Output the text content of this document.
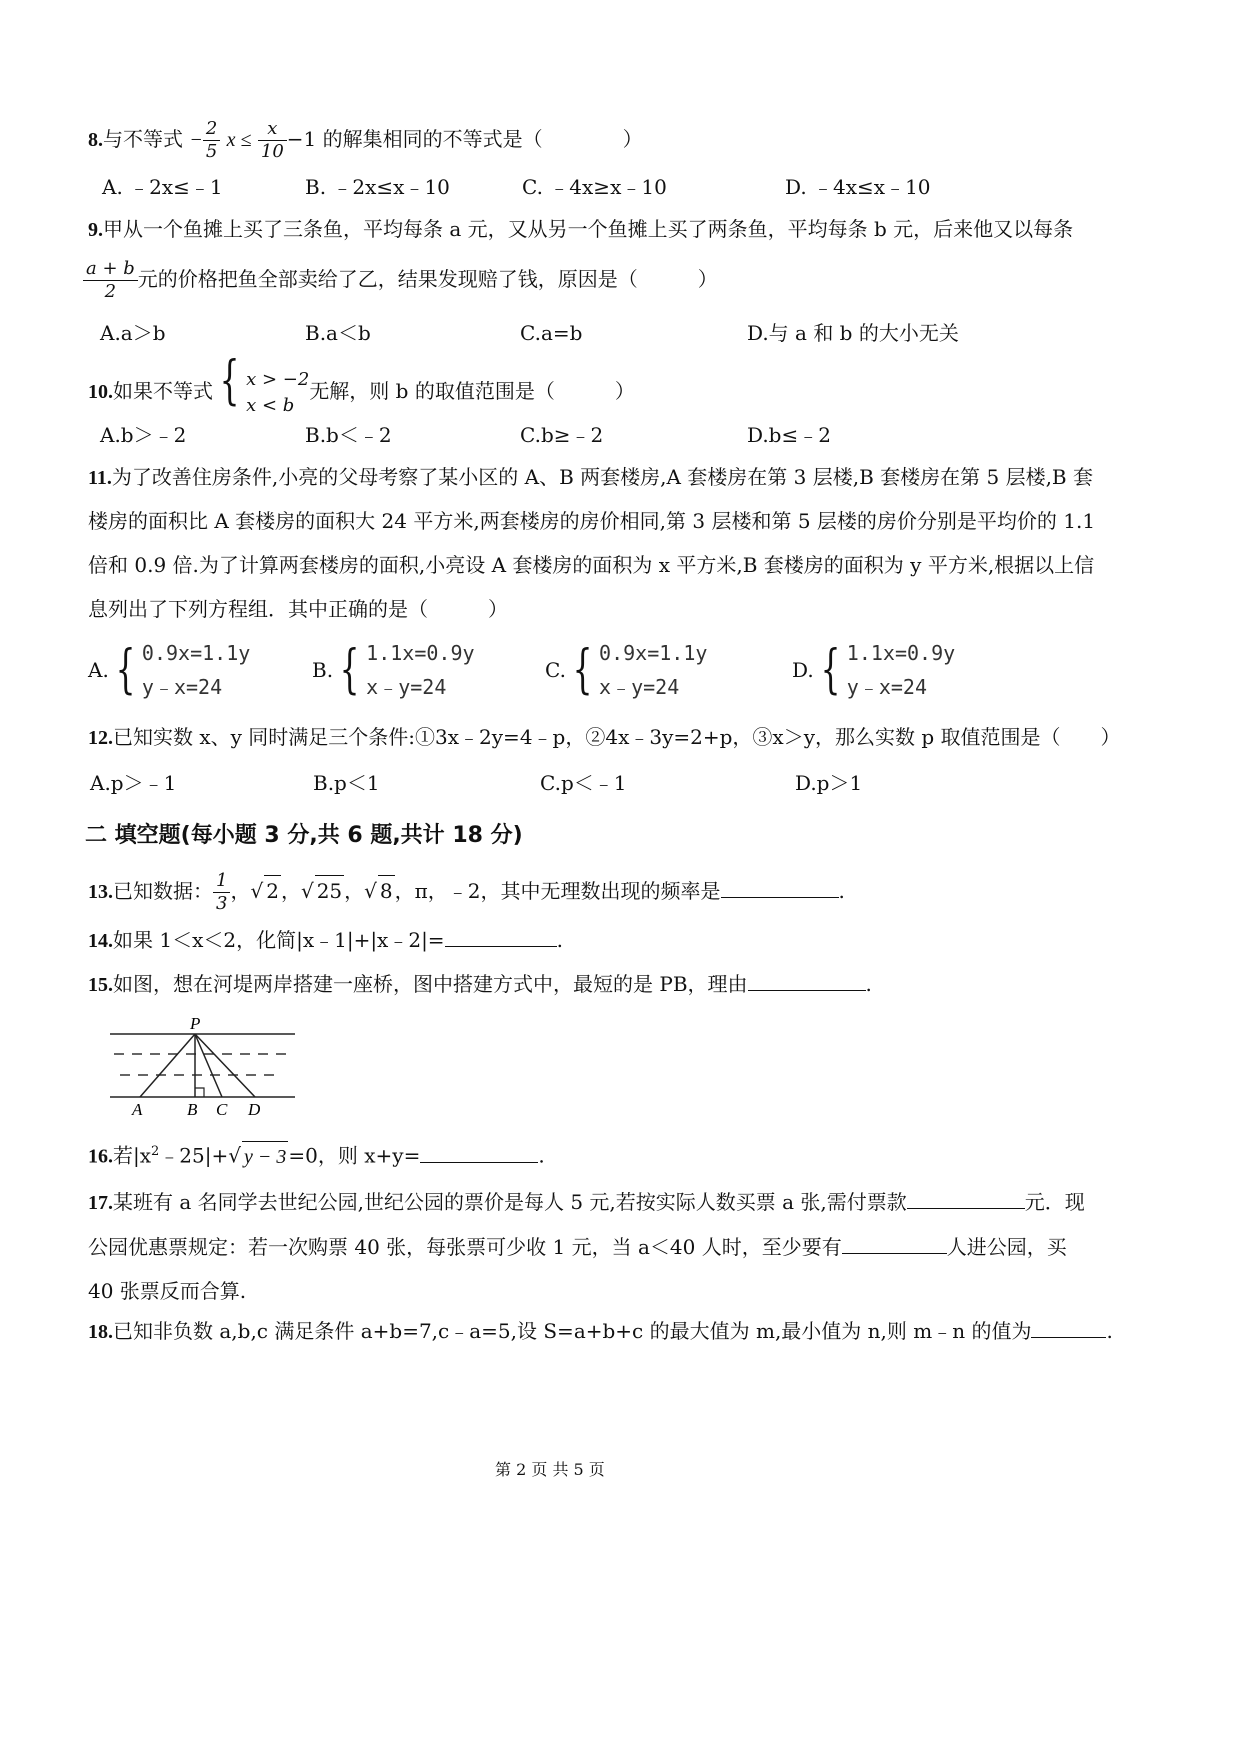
8.与不等式 − $\frac{2}{5}$ $x \le \frac{x}{10} -1$ 的解集相同的不等式是（　　　　）
A. ﹣2x≤﹣1	B. ﹣2x≤x﹣10	C. ﹣4x≥x﹣10	D. ﹣4x≤x﹣10
9.甲从一个鱼摊上买了三条鱼，平均每条 a 元，又从另一个鱼摊上买了两条鱼，平均每条 b 元，后来他又以每条
$\frac{a + b}{2}$ 元的价格把鱼全部卖给了乙，结果发现赔了钱，原因是（　　　）
A.a＞b	B.a＜b	C.a=b	D.与 a 和 b 的大小无关
10.如果不等式 { x > −2
x < b
无解，则 b 的取值范围是（　　　）
A.b＞﹣2	B.b＜﹣2	C.b≥﹣2	D.b≤﹣2
11.为了改善住房条件,小亮的父母考察了某小区的 A、B 两套楼房,A 套楼房在第 3 层楼,B 套楼房在第 5 层楼,B 套
楼房的面积比 A 套楼房的面积大 24 平方米,两套楼房的房价相同,第 3 层楼和第 5 层楼的房价分别是平均价的 1.1
倍和 0.9 倍.为了计算两套楼房的面积,小亮设 A 套楼房的面积为 x 平方米,B 套楼房的面积为 y 平方米,根据以上信
息列出了下列方程组．其中正确的是（　　　）
A. { 0.9x=1.1y
y﹣x=24
B. { 1.1x=0.9y
x﹣y=24
C. { 0.9x=1.1y
x﹣y=24
D. { 1.1x=0.9y
y﹣x=24
12.已知实数 x、y 同时满足三个条件:①3x﹣2y=4﹣p，②4x﹣3y=2+p，③x＞y，那么实数 p 取值范围是（　　）
A.p＞﹣1	B.p＜1	C.p＜﹣1	D.p＞1
二 填空题(每小题 3 分,共 6 题,共计 18 分)
13.已知数据： $\frac{1}{3}$ ，√ 2 ，√ 25 ，√ 8 ，π，﹣2，其中无理数出现的频率是	.
14.如果 1＜x＜2，化简|x﹣1|+|x﹣2|=	.
15.如图，想在河堤两岸搭建一座桥，图中搭建方式中，最短的是 PB，理由	.
P
A	B C D
16.若$|x^2﹣25|+√$ y − 3 =0，则 x+y=	.
17.某班有 a 名同学去世纪公园,世纪公园的票价是每人 5 元,若按实际人数买票 a 张,需付票款	元．现
公园优惠票规定：若一次购票 40 张，每张票可少收 1 元，当 a＜40 人时，至少要有	人进公园，买
40 张票反而合算.
18.已知非负数 a,b,c 满足条件 a+b=7,c﹣a=5,设 S=a+b+c 的最大值为 m,最小值为 n,则 m﹣n 的值为	.
第 2 页 共 5 页
